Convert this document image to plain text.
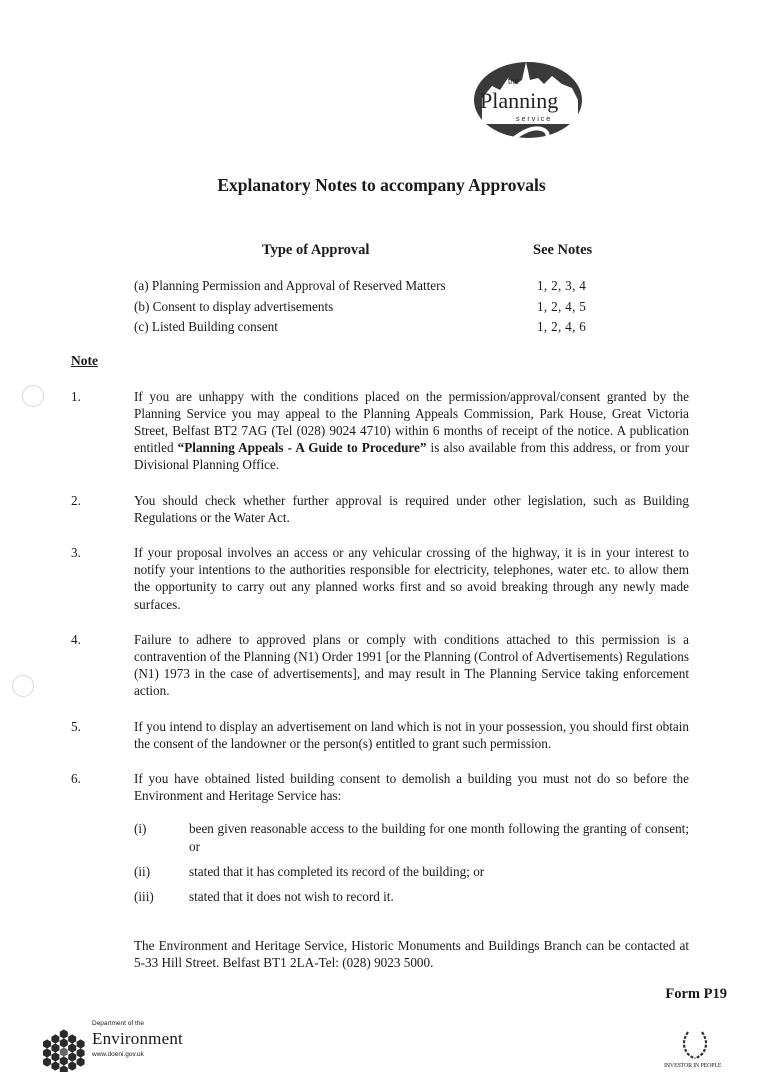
the
Planning
service
Explanatory Notes to accompany Approvals
Type of Approval	See Notes
(a) Planning Permission and Approval of Reserved Matters	1, 2, 3, 4
(b) Consent to display advertisements	1, 2, 4, 5
(c) Listed Building consent	1, 2, 4, 6
Note
1.	If you are unhappy with the conditions placed on the permission/approval/consent granted by the Planning Service you may appeal to the Planning Appeals Commission, Park House, Great Victoria Street, Belfast BT2 7AG (Tel (028) 9024 4710) within 6 months of receipt of the notice. A publication entitled “Planning Appeals - A Guide to Procedure” is also available from this address, or from your Divisional Planning Office.
2.	You should check whether further approval is required under other legislation, such as Building Regulations or the Water Act.
3.	If your proposal involves an access or any vehicular crossing of the highway, it is in your interest to notify your intentions to the authorities responsible for electricity, telephones, water etc. to allow them the opportunity to carry out any planned works first and so avoid breaking through any newly made surfaces.
4.	Failure to adhere to approved plans or comply with conditions attached to this permission is a contravention of the Planning (N1) Order 1991 [or the Planning (Control of Advertisements) Regulations (N1) 1973 in the case of advertisements], and may result in The Planning Service taking enforcement action.
5.	If you intend to display an advertisement on land which is not in your possession, you should first obtain the consent of the landowner or the person(s) entitled to grant such permission.
6.	If you have obtained listed building consent to demolish a building you must not do so before the Environment and Heritage Service has:
(i)	been given reasonable access to the building for one month following the granting of consent; or
(ii)	stated that it has completed its record of the building; or
(iii)	stated that it does not wish to record it.
The Environment and Heritage Service, Historic Monuments and Buildings Branch can be contacted at 5-33 Hill Street. Belfast BT1 2LA-Tel: (028) 9023 5000.
Form P19
Department of the
Environment
www.doeni.gov.uk
INVESTOR IN PEOPLE
